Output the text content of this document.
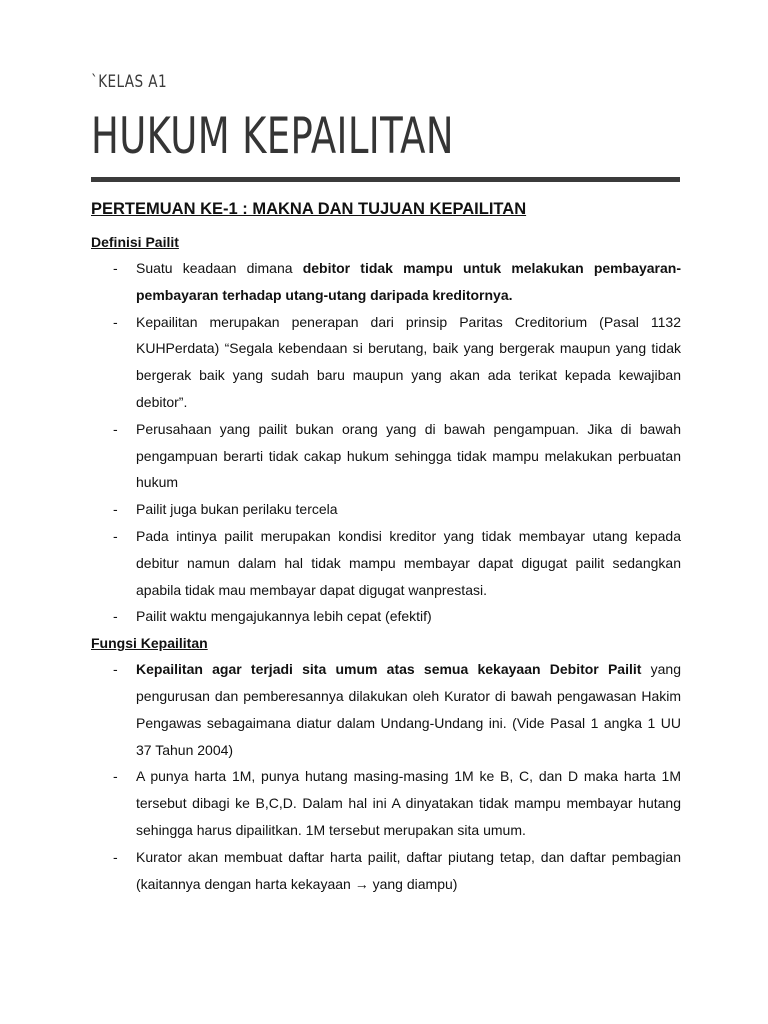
`KELAS A1
HUKUM KEPAILITAN
PERTEMUAN KE-1 : MAKNA DAN TUJUAN KEPAILITAN
Definisi Pailit
- Suatu keadaan dimana debitor tidak mampu untuk melakukan pembayaran-pembayaran terhadap utang-utang daripada kreditornya.
- Kepailitan merupakan penerapan dari prinsip Paritas Creditorium (Pasal 1132 KUHPerdata) “Segala kebendaan si berutang, baik yang bergerak maupun yang tidak bergerak baik yang sudah baru maupun yang akan ada terikat kepada kewajiban debitor”.
- Perusahaan yang pailit bukan orang yang di bawah pengampuan. Jika di bawah pengampuan berarti tidak cakap hukum sehingga tidak mampu melakukan perbuatan hukum
- Pailit juga bukan perilaku tercela
- Pada intinya pailit merupakan kondisi kreditor yang tidak membayar utang kepada debitur namun dalam hal tidak mampu membayar dapat digugat pailit sedangkan apabila tidak mau membayar dapat digugat wanprestasi.
- Pailit waktu mengajukannya lebih cepat (efektif)
Fungsi Kepailitan
- Kepailitan agar terjadi sita umum atas semua kekayaan Debitor Pailit yang pengurusan dan pemberesannya dilakukan oleh Kurator di bawah pengawasan Hakim Pengawas sebagaimana diatur dalam Undang-Undang ini. (Vide Pasal 1 angka 1 UU 37 Tahun 2004)
- A punya harta 1M, punya hutang masing-masing 1M ke B, C, dan D maka harta 1M tersebut dibagi ke B,C,D. Dalam hal ini A dinyatakan tidak mampu membayar hutang sehingga harus dipailitkan. 1M tersebut merupakan sita umum.
- Kurator akan membuat daftar harta pailit, daftar piutang tetap, dan daftar pembagian (kaitannya dengan harta kekayaan → yang diampu)
